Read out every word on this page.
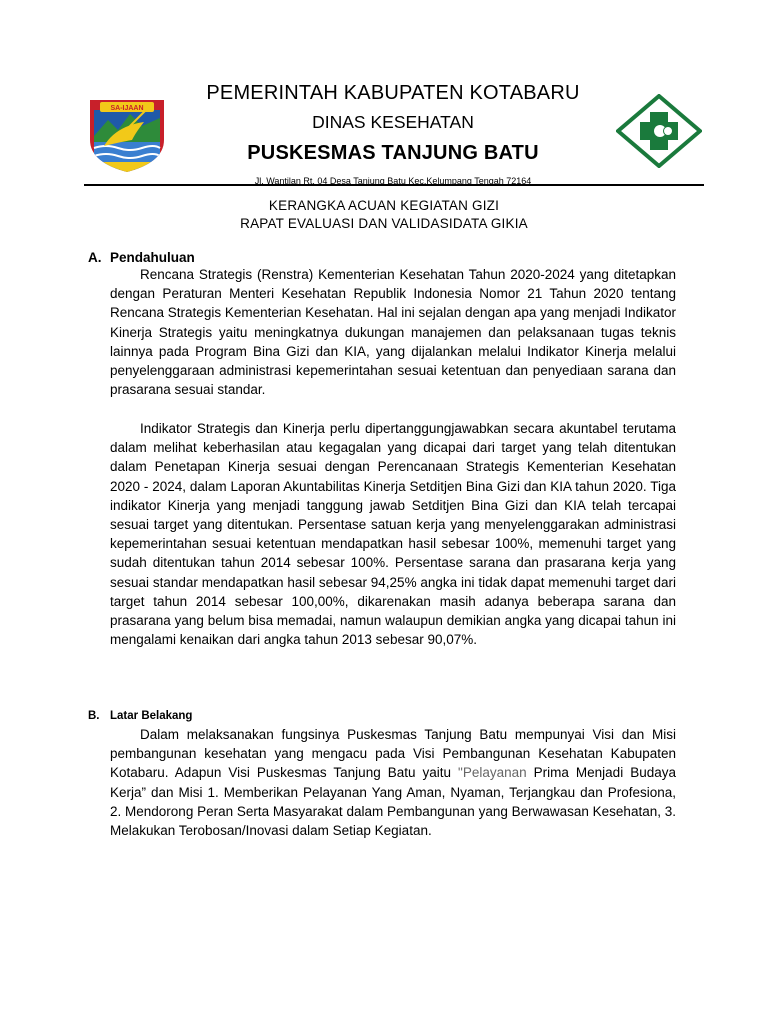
SA-IJAAN
PEMERINTAH KABUPATEN KOTABARU
DINAS KESEHATAN
PUSKESMAS TANJUNG BATU
Jl. Wantilan Rt. 04 Desa Tanjung Batu Kec.Kelumpang Tengah 72164
KERANGKA ACUAN KEGIATAN GIZI
RAPAT EVALUASI DAN VALIDASIDATA GIKIA
A. Pendahuluan

Rencana Strategis (Renstra) Kementerian Kesehatan Tahun 2020-2024 yang ditetapkan dengan Peraturan Menteri Kesehatan Republik Indonesia Nomor 21 Tahun 2020 tentang Rencana Strategis Kementerian Kesehatan. Hal ini sejalan dengan apa yang menjadi Indikator Kinerja Strategis yaitu meningkatnya dukungan manajemen dan pelaksanaan tugas teknis lainnya pada Program Bina Gizi dan KIA, yang dijalankan melalui Indikator Kinerja melalui penyelenggaraan administrasi kepemerintahan sesuai ketentuan dan penyediaan sarana dan prasarana sesuai standar.

Indikator Strategis dan Kinerja perlu dipertanggungjawabkan secara akuntabel terutama dalam melihat keberhasilan atau kegagalan yang dicapai dari target yang telah ditentukan dalam Penetapan Kinerja sesuai dengan Perencanaan Strategis Kementerian Kesehatan 2020 - 2024, dalam Laporan Akuntabilitas Kinerja Setditjen Bina Gizi dan KIA tahun 2020. Tiga indikator Kinerja yang menjadi tanggung jawab Setditjen Bina Gizi dan KIA telah tercapai sesuai target yang ditentukan. Persentase satuan kerja yang menyelenggarakan administrasi kepemerintahan sesuai ketentuan mendapatkan hasil sebesar 100%, memenuhi target yang sudah ditentukan tahun 2014 sebesar 100%. Persentase sarana dan prasarana kerja yang sesuai standar mendapatkan hasil sebesar 94,25% angka ini tidak dapat memenuhi target dari target tahun 2014 sebesar 100,00%, dikarenakan masih adanya beberapa sarana dan prasarana yang belum bisa memadai, namun walaupun demikian angka yang dicapai tahun ini mengalami kenaikan dari angka tahun 2013 sebesar 90,07%.

B. Latar Belakang

Dalam melaksanakan fungsinya Puskesmas Tanjung Batu mempunyai Visi dan Misi pembangunan kesehatan yang mengacu pada Visi Pembangunan Kesehatan Kabupaten Kotabaru. Adapun Visi Puskesmas Tanjung Batu yaitu "Pelayanan Prima Menjadi Budaya Kerja” dan Misi 1. Memberikan Pelayanan Yang Aman, Nyaman, Terjangkau dan Profesiona, 2. Mendorong Peran Serta Masyarakat dalam Pembangunan yang Berwawasan Kesehatan, 3. Melakukan Terobosan/Inovasi dalam Setiap Kegiatan.
